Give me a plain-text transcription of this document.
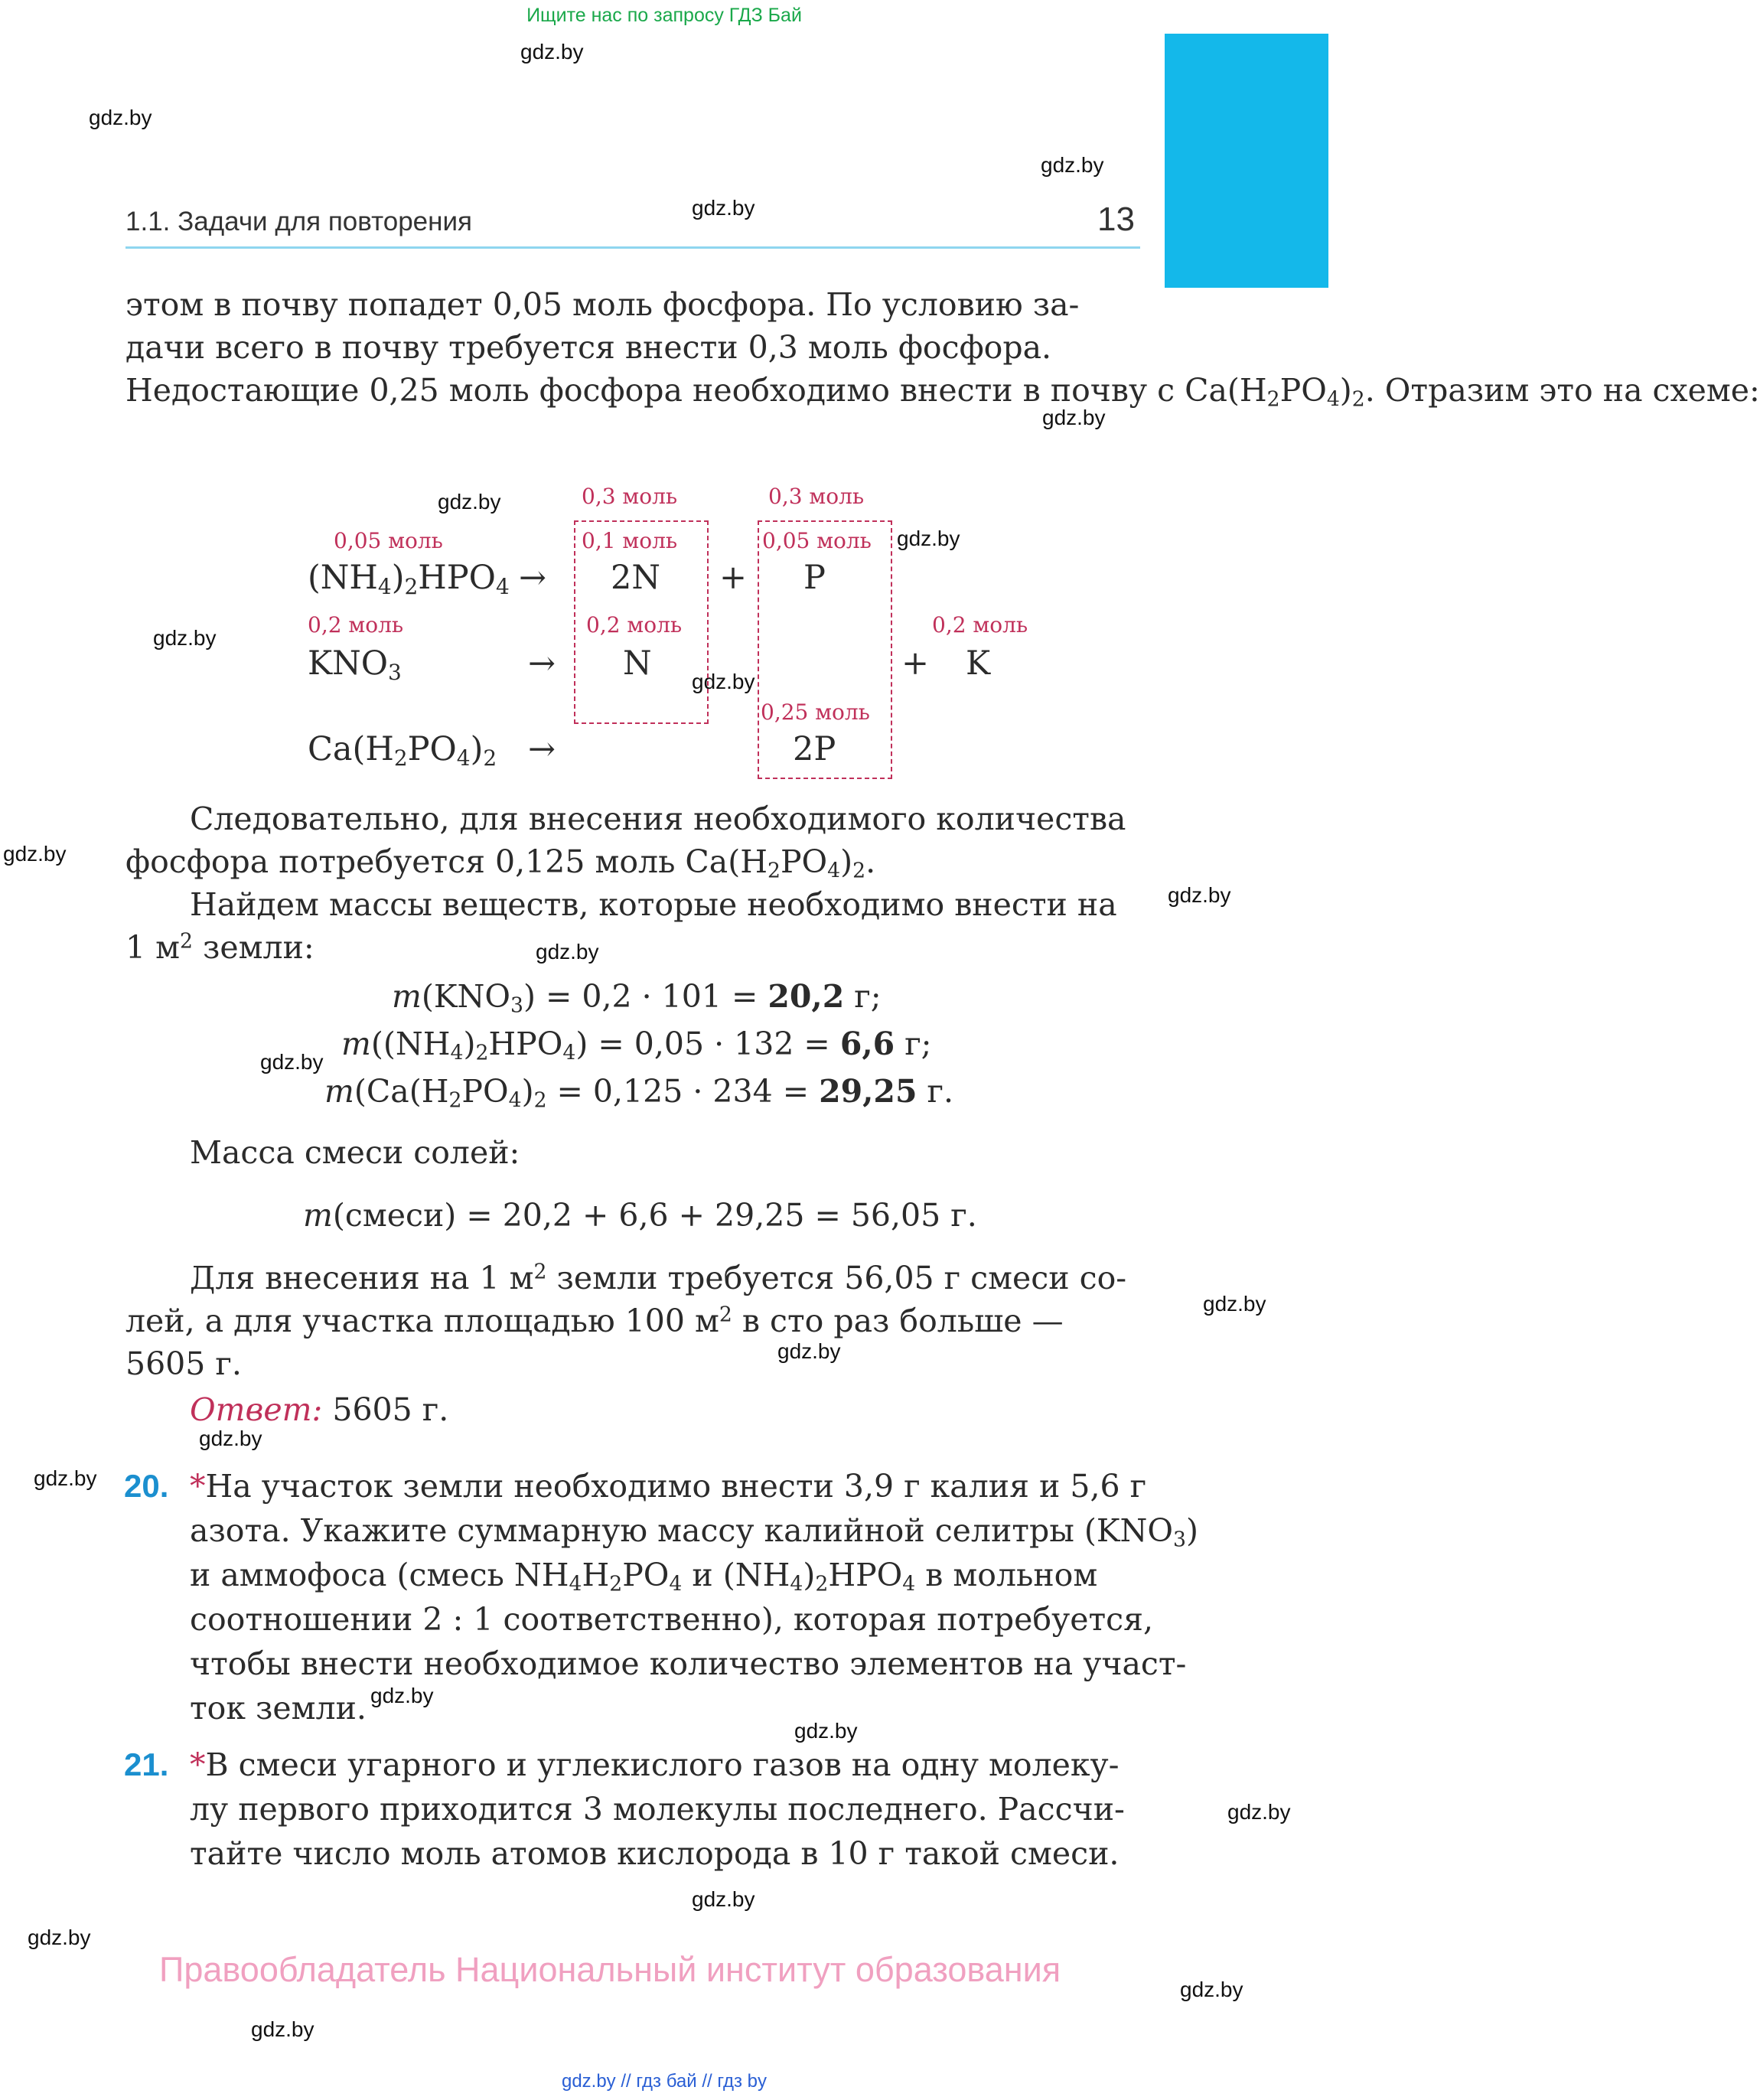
Ищите нас по запросу ГДЗ Бай
gdz.by
gdz.by
gdz.by
gdz.by
gdz.by
gdz.by
gdz.by
gdz.by
gdz.by
gdz.by
gdz.by
gdz.by
gdz.by
gdz.by
gdz.by
gdz.by
gdz.by
gdz.by
gdz.by
gdz.by
gdz.by
gdz.by
gdz.by
gdz.by
1.1. Задачи для повторения	13
этом в почву попадет 0,05 моль фосфора. По условию за-
дачи всего в почву требуется внести 0,3 моль фосфора.
Недостающие 0,25 моль фосфора необходимо внести в почву с $Ca(H_2PO_4)_2$. Отразим это на схеме:
0,3 моль	0,3 моль
0,05 моль	0,1 моль	0,05 моль
$(NH_4)_2HPO_4 \to 2N + P$
0,2 моль	0,2 моль	0,2 моль
$KNO_3$	→ N	+ K
0,25 моль
$Ca(H_2PO_4)_2$ →	2P
Следовательно, для внесения необходимого количества
фосфора потребуется 0,125 моль $Ca(H_2PO_4)_2$.
Найдем массы веществ, которые необходимо внести на
1 $м^2$ земли:
$m(KNO_3) = 0,2 \cdot 101 = 20,2$ г;
$m((NH_4)_2HPO_4) = 0,05 \cdot 132 = 6,6$ г;
$m(Ca(H_2PO_4)_2 = 0,125 \cdot 234 = 29,25$ г.
Масса смеси солей:
m(смеси) = 20,2 + 6,6 + 29,25 = 56,05 г.
Для внесения на 1 $м^2$ земли требуется 56,05 г смеси со-
лей, а для участка площадью 100 $м^2$ в сто раз больше —
5605 г.
Ответ: 5605 г.
20. *На участок земли необходимо внести 3,9 г калия и 5,6 г
азота. Укажите суммарную массу калийной селитры $(KNO_3)$
и аммофоса (смесь $NH_4H_2PO_4$ и $(NH_4)_2HPO_4$ в мольном
соотношении 2 : 1 соответственно), которая потребуется,
чтобы внести необходимое количество элементов на участ-
ток земли.
21. *В смеси угарного и углекислого газов на одну молеку-
лу первого приходится 3 молекулы последнего. Рассчи-
тайте число моль атомов кислорода в 10 г такой смеси.
Правообладатель Национальный институт образования
gdz.by // гдз бай // гдз by
